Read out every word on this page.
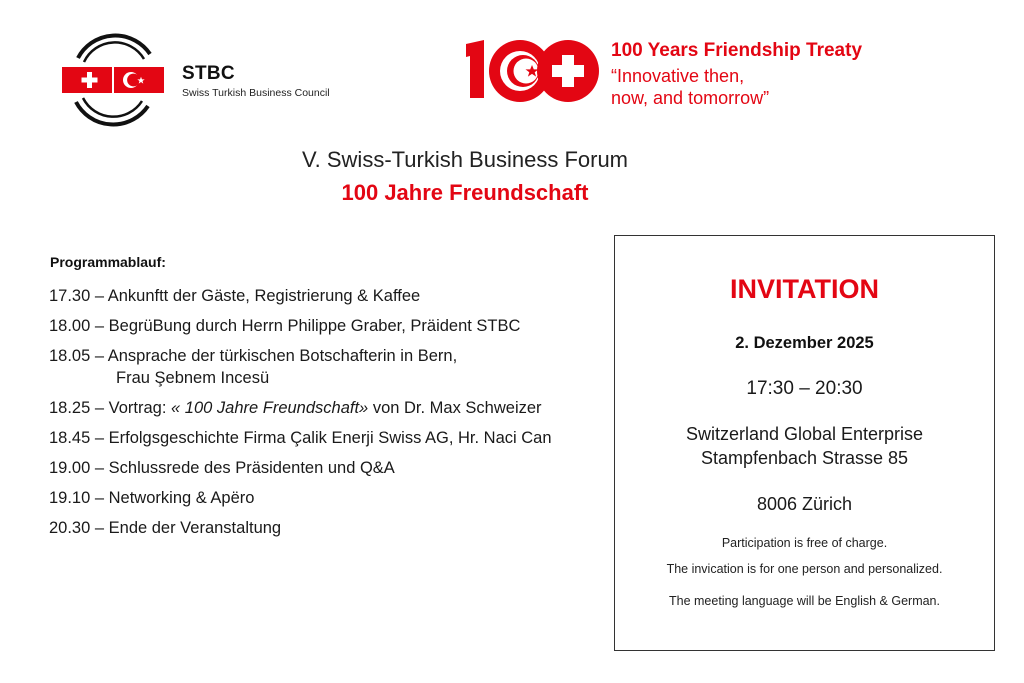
STBC
Swiss Turkish Business Council
100 Years Friendship Treaty
“Innovative then,
now, and tomorrow”
V. Swiss-Turkish Business Forum
100 Jahre Freundschaft
Programmablauf:
17.30 – Ankunftt der Gäste, Registrierung & Kaffee
18.00 – BegrüBung durch Herrn Philippe Graber, Präident STBC
18.05 – Ansprache der türkischen Botschafterin in Bern,
Frau Şebnem Incesü
18.25 – Vortrag: « 100 Jahre Freundschaft» von Dr. Max Schweizer
18.45 – Erfolgsgeschichte Firma Çalik Enerji Swiss AG, Hr. Naci Can
19.00 – Schlussrede des Präsidenten und Q&A
19.10 – Networking & Apëro
20.30 – Ende der Veranstaltung
INVITATION
2. Dezember 2025
17:30 – 20:30
Switzerland Global Enterprise
Stampfenbach Strasse 85
8006 Zürich
Participation is free of charge.
The invication is for one person and personalized.
The meeting language will be English & German.
